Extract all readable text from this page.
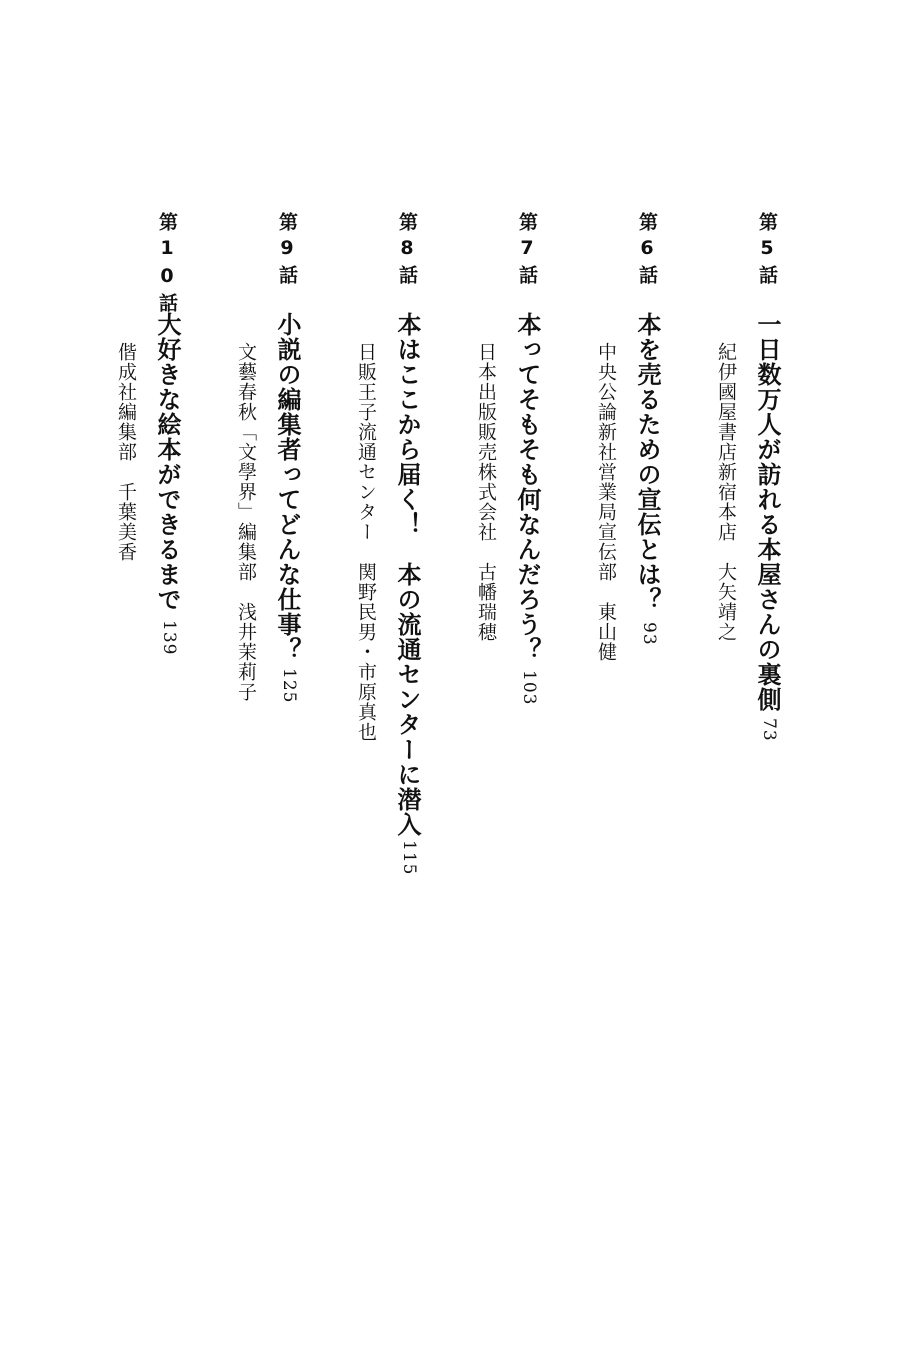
第5話
一日数万人が訪れる本屋さんの裏側
紀伊國屋書店新宿本店　大矢靖之
73
第6話
本を売るための宣伝とは？
中央公論新社営業局宣伝部　東山健 93
第7話
本ってそもそも何なんだろう？
日本出版販売株式会社　古幡瑞穂
103
第8話
本はここから届く！　本の流通センターに潜入
日販王子流通センター　関野民男・市原真也
115
第9話
小説の編集者ってどんな仕事？
文藝春秋「文學界」編集部　浅井茉莉子 125
第10話
大好きな絵本ができるまで
偕成社編集部　千葉美香
139
